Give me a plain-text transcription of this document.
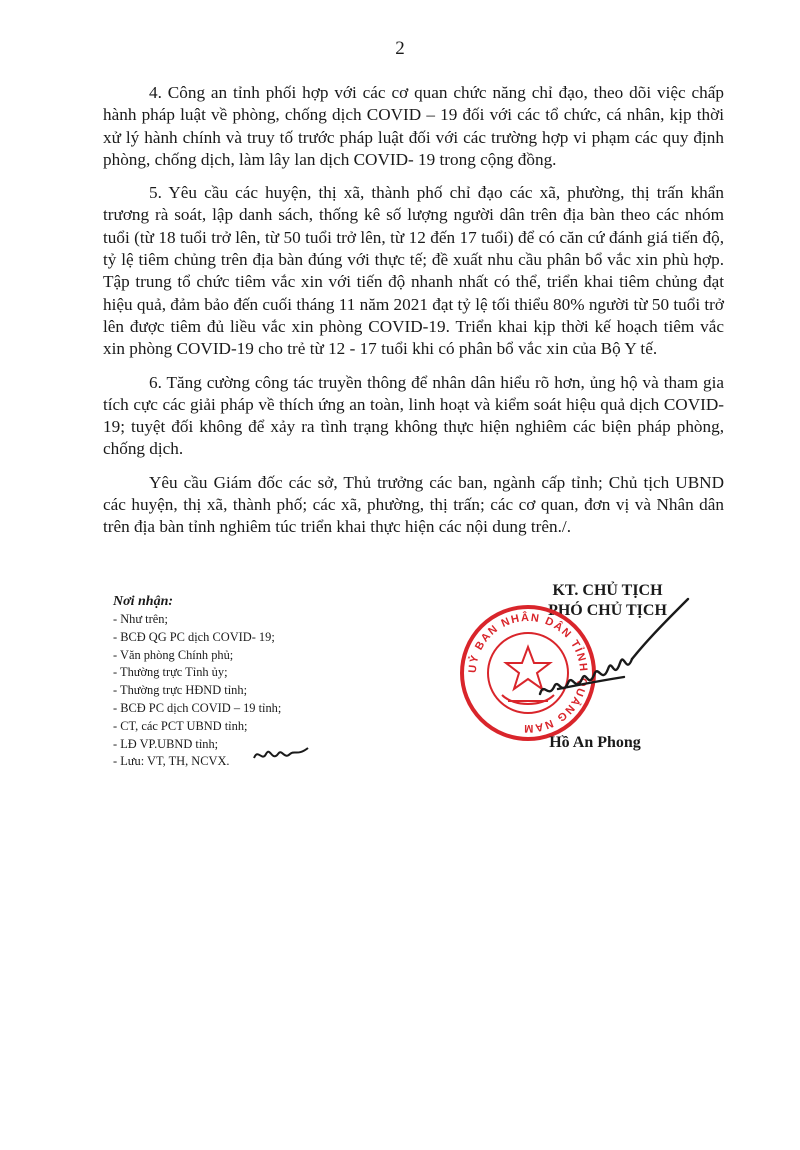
2

4. Công an tỉnh phối hợp với các cơ quan chức năng chỉ đạo, theo dõi việc chấp hành pháp luật về phòng, chống dịch COVID – 19 đối với các tổ chức, cá nhân, kịp thời xử lý hành chính và truy tố trước pháp luật đối với các trường hợp vi phạm các quy định phòng, chống dịch, làm lây lan dịch COVID- 19 trong cộng đồng.

5. Yêu cầu các huyện, thị xã, thành phố chỉ đạo các xã, phường, thị trấn khẩn trương rà soát, lập danh sách, thống kê số lượng người dân trên địa bàn theo các nhóm tuổi (từ 18 tuổi trở lên, từ 50 tuổi trở lên, từ 12 đến 17 tuổi) để có căn cứ đánh giá tiến độ, tỷ lệ tiêm chủng trên địa bàn đúng với thực tế; đề xuất nhu cầu phân bổ vắc xin phù hợp. Tập trung tổ chức tiêm vắc xin với tiến độ nhanh nhất có thể, triển khai tiêm chủng đạt hiệu quả, đảm bảo đến cuối tháng 11 năm 2021 đạt tỷ lệ tối thiểu 80% người từ 50 tuổi trở lên được tiêm đủ liều vắc xin phòng COVID-19. Triển khai kịp thời kế hoạch tiêm vắc xin phòng COVID-19 cho trẻ từ 12 - 17 tuổi khi có phân bổ vắc xin của Bộ Y tế.

6. Tăng cường công tác truyền thông để nhân dân hiểu rõ hơn, ủng hộ và tham gia tích cực các giải pháp về thích ứng an toàn, linh hoạt và kiểm soát hiệu quả dịch COVID-19; tuyệt đối không để xảy ra tình trạng không thực hiện nghiêm các biện pháp phòng, chống dịch.

Yêu cầu Giám đốc các sở, Thủ trưởng các ban, ngành cấp tỉnh; Chủ tịch UBND các huyện, thị xã, thành phố; các xã, phường, thị trấn; các cơ quan, đơn vị và Nhân dân trên địa bàn tỉnh nghiêm túc triển khai thực hiện các nội dung trên./.

Nơi nhận:
- Như trên;
- BCĐ QG PC dịch COVID- 19;
- Văn phòng Chính phủ;
- Thường trực Tỉnh ủy;
- Thường trực HĐND tỉnh;
- BCĐ PC dịch COVID – 19 tỉnh;
- CT, các PCT UBND tỉnh;
- LĐ VP.UBND tỉnh;
- Lưu: VT, TH, NCVX.
KT. CHỦ TỊCH
PHÓ CHỦ TỊCH
UỶ BAN NHÂN DÂN TỈNH QUẢNG NAM
Hồ An Phong
